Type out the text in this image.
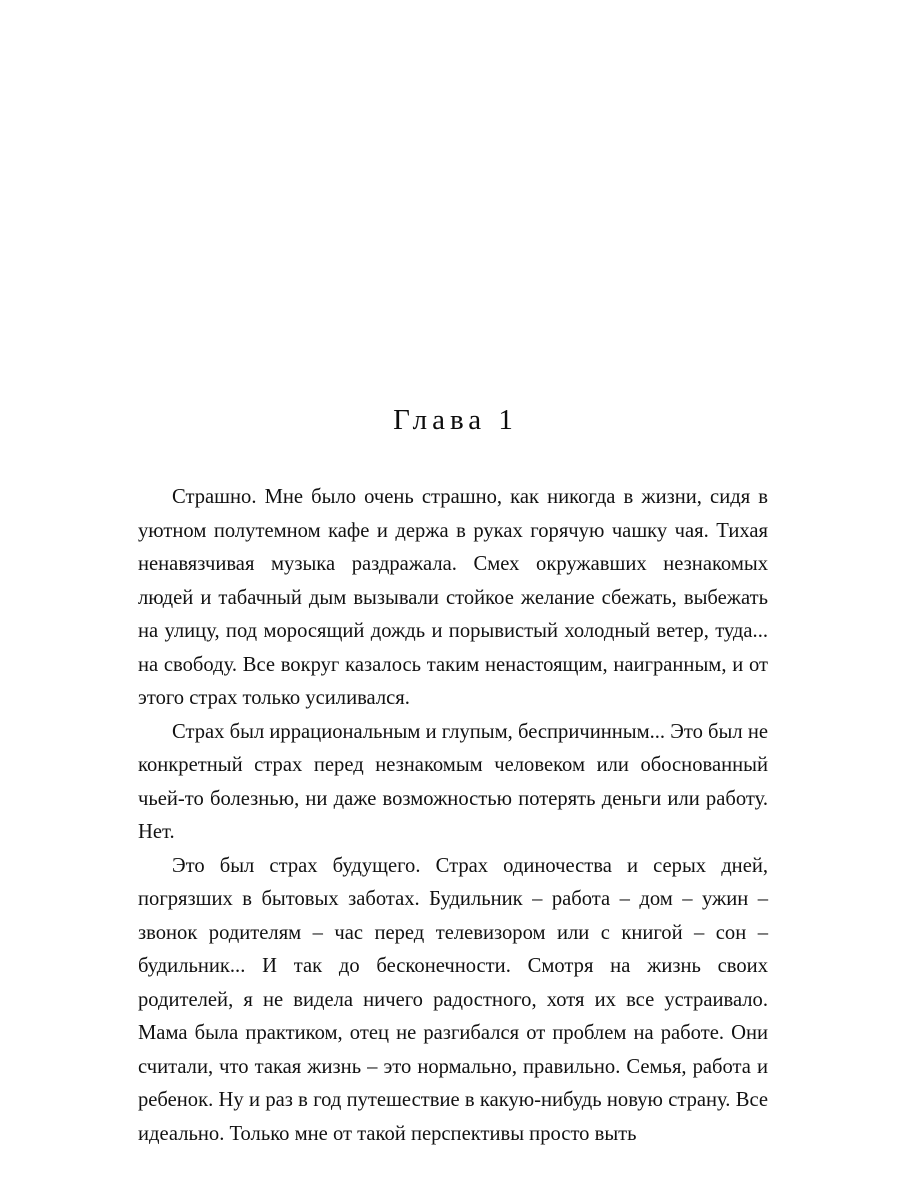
Глава 1

Страшно. Мне было очень страшно, как никогда в жизни, сидя в уютном полутемном кафе и держа в руках горячую чашку чая. Тихая ненавязчивая музыка раздражала. Смех окружавших незнакомых людей и табачный дым вызывали стойкое желание сбежать, выбежать на улицу, под моросящий дождь и порывистый холодный ветер, туда... на свободу. Все вокруг казалось таким ненастоящим, наигранным, и от этого страх только усиливался.

Страх был иррациональным и глупым, беспричинным... Это был не конкретный страх перед незнакомым человеком или обоснованный чьей-то болезнью, ни даже возможностью потерять деньги или работу. Нет.

Это был страх будущего. Страх одиночества и серых дней, погрязших в бытовых заботах. Будильник – работа – дом – ужин – звонок родителям – час перед телевизором или с книгой – сон – будильник... И так до бесконечности. Смотря на жизнь своих родителей, я не видела ничего радостного, хотя их все устраивало. Мама была практиком, отец не разгибался от проблем на работе. Они считали, что такая жизнь – это нормально, правильно. Семья, работа и ребенок. Ну и раз в год путешествие в какую-нибудь новую страну. Все идеально. Только мне от такой перспективы просто выть
